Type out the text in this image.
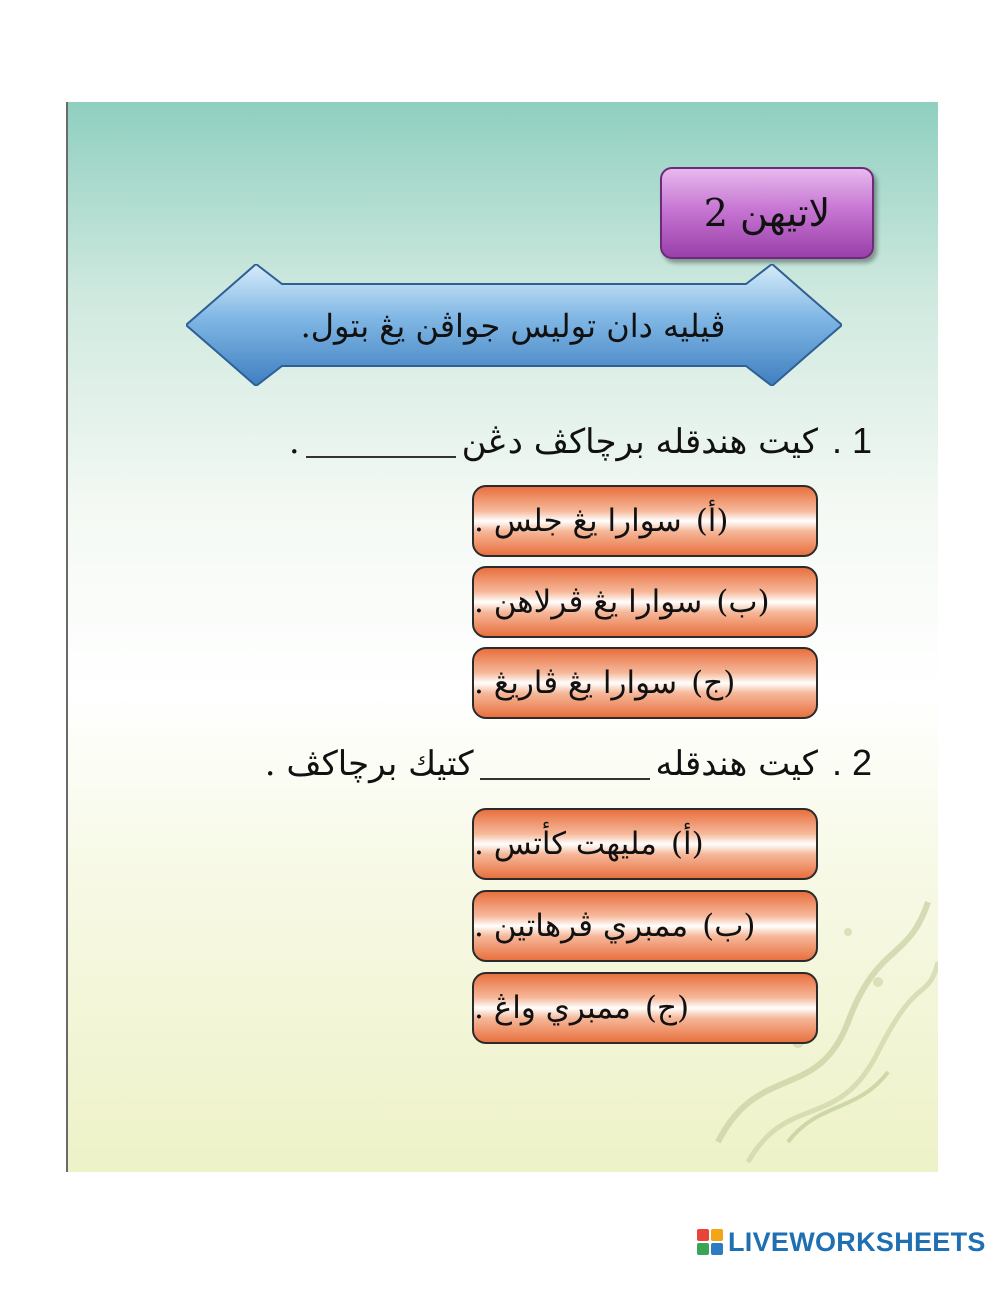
لاتيهن 2
ڤيليه دان توليس جواڤن يڠ بتول.
1 .كيت هندقله برچاكڤ دڠن.
(أ)
سوارا يڠ جلس .
(ب)
سوارا يڠ ڤرلاهن .
(ج)
سوارا يڠ ڤاريڠ .
2 .كيت هندقلهكتيك برچاكڤ .
(أ)
مليهت كأتس .
(ب)
ممبري ڤرهاتين .
(ج)
ممبري واڠ .
LIVEWORKSHEETS
